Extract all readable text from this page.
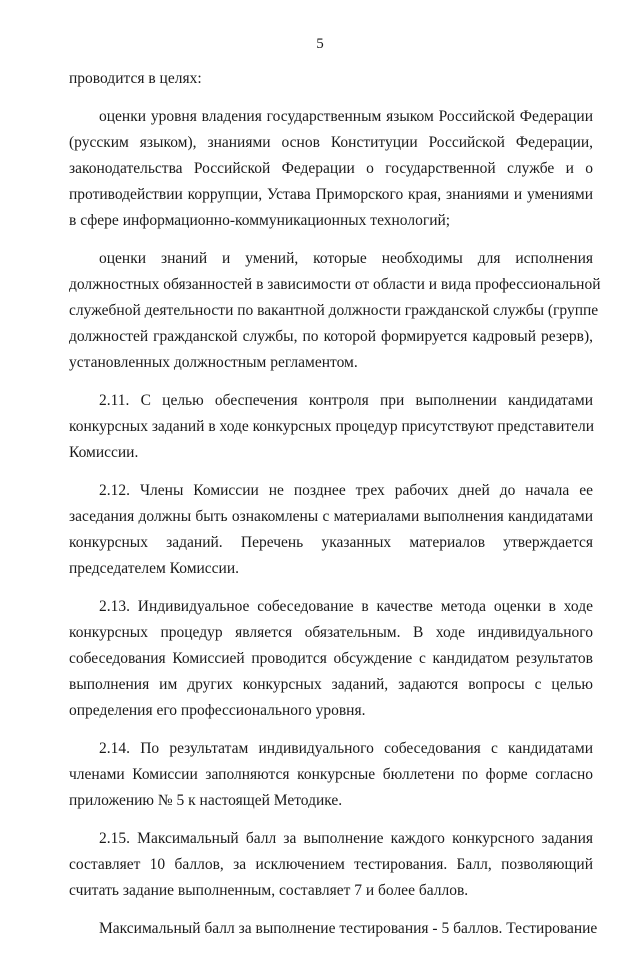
5

проводится в целях:

оценки уровня владения государственным языком Российской Федерации
(русским языком), знаниями основ Конституции Российской Федерации,
законодательства Российской Федерации о государственной службе и о
противодействии коррупции, Устава Приморского края, знаниями и умениями
в сфере информационно-коммуникационных технологий;

оценки знаний и умений, которые необходимы для исполнения
должностных обязанностей в зависимости от области и вида профессиональной
служебной деятельности по вакантной должности гражданской службы (группе
должностей гражданской службы, по которой формируется кадровый резерв),
установленных должностным регламентом.

2.11. С целью обеспечения контроля при выполнении кандидатами
конкурсных заданий в ходе конкурсных процедур присутствуют представители
Комиссии.

2.12. Члены Комиссии не позднее трех рабочих дней до начала ее
заседания должны быть ознакомлены с материалами выполнения кандидатами
конкурсных заданий. Перечень указанных материалов утверждается
председателем Комиссии.

2.13. Индивидуальное собеседование в качестве метода оценки в ходе
конкурсных процедур является обязательным. В ходе индивидуального
собеседования Комиссией проводится обсуждение с кандидатом результатов
выполнения им других конкурсных заданий, задаются вопросы с целью
определения его профессионального уровня.

2.14. По результатам индивидуального собеседования с кандидатами
членами Комиссии заполняются конкурсные бюллетени по форме согласно
приложению № 5 к настоящей Методике.

2.15. Максимальный балл за выполнение каждого конкурсного задания
составляет 10 баллов, за исключением тестирования. Балл, позволяющий
считать задание выполненным, составляет 7 и более баллов.

Максимальный балл за выполнение тестирования - 5 баллов. Тестирование
